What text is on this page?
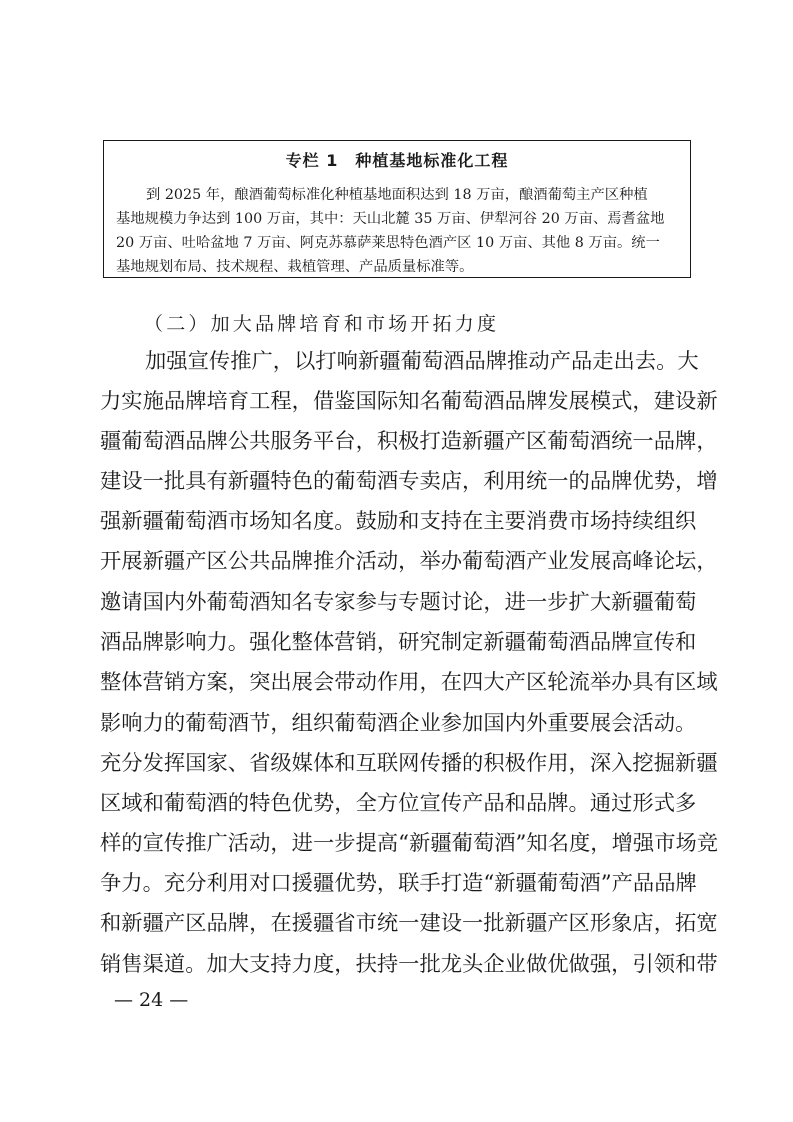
专栏 1　种植基地标准化工程
到 2025 年，酿酒葡萄标准化种植基地面积达到 18 万亩，酿酒葡萄主产区种植
基地规模力争达到 100 万亩，其中：天山北麓 35 万亩、伊犁河谷 20 万亩、焉耆盆地
20 万亩、吐哈盆地 7 万亩、阿克苏慕萨莱思特色酒产区 10 万亩、其他 8 万亩。统一
基地规划布局、技术规程、栽植管理、产品质量标准等。
（二）加大品牌培育和市场开拓力度
加强宣传推广，以打响新疆葡萄酒品牌推动产品走出去。大
力实施品牌培育工程，借鉴国际知名葡萄酒品牌发展模式，建设新
疆葡萄酒品牌公共服务平台，积极打造新疆产区葡萄酒统一品牌，
建设一批具有新疆特色的葡萄酒专卖店，利用统一的品牌优势，增
强新疆葡萄酒市场知名度。鼓励和支持在主要消费市场持续组织
开展新疆产区公共品牌推介活动，举办葡萄酒产业发展高峰论坛，
邀请国内外葡萄酒知名专家参与专题讨论，进一步扩大新疆葡萄
酒品牌影响力。强化整体营销，研究制定新疆葡萄酒品牌宣传和
整体营销方案，突出展会带动作用，在四大产区轮流举办具有区域
影响力的葡萄酒节，组织葡萄酒企业参加国内外重要展会活动。
充分发挥国家、省级媒体和互联网传播的积极作用，深入挖掘新疆
区域和葡萄酒的特色优势，全方位宣传产品和品牌。通过形式多
样的宣传推广活动，进一步提高“新疆葡萄酒”知名度，增强市场竞
争力。充分利用对口援疆优势，联手打造“新疆葡萄酒”产品品牌
和新疆产区品牌，在援疆省市统一建设一批新疆产区形象店，拓宽
销售渠道。加大支持力度，扶持一批龙头企业做优做强，引领和带
— 24 —
